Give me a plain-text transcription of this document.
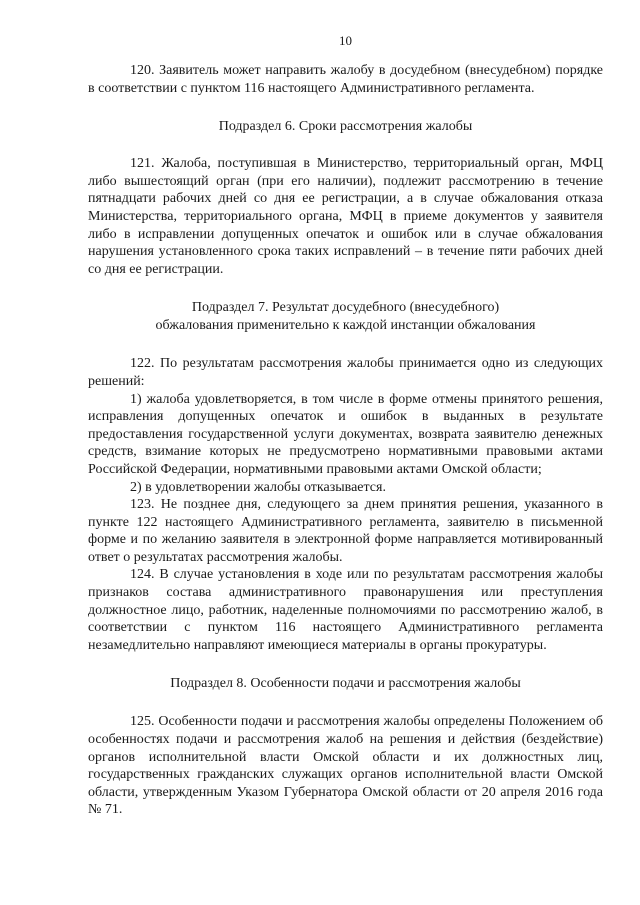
10

120. Заявитель может направить жалобу в досудебном (внесудебном) порядке в соответствии с пунктом 116 настоящего Административного регламента.

Подраздел 6. Сроки рассмотрения жалобы

121. Жалоба, поступившая в Министерство, территориальный орган, МФЦ либо вышестоящий орган (при его наличии), подлежит рассмотрению в течение пятнадцати рабочих дней со дня ее регистрации, а в случае обжалования отказа Министерства, территориального органа, МФЦ в приеме документов у заявителя либо в исправлении допущенных опечаток и ошибок или в случае обжалования нарушения установленного срока таких исправлений – в течение пяти рабочих дней со дня ее регистрации.

Подраздел 7. Результат досудебного (внесудебного)

обжалования применительно к каждой инстанции обжалования

122. По результатам рассмотрения жалобы принимается одно из следующих решений:

1) жалоба удовлетворяется, в том числе в форме отмены принятого решения, исправления допущенных опечаток и ошибок в выданных в результате предоставления государственной услуги документах, возврата заявителю денежных средств, взимание которых не предусмотрено нормативными правовыми актами Российской Федерации, нормативными правовыми актами Омской области;

2) в удовлетворении жалобы отказывается.

123. Не позднее дня, следующего за днем принятия решения, указанного в пункте 122 настоящего Административного регламента, заявителю в письменной форме и по желанию заявителя в электронной форме направляется мотивированный ответ о результатах рассмотрения жалобы.

124. В случае установления в ходе или по результатам рассмотрения жалобы признаков состава административного правонарушения или преступления должностное лицо, работник, наделенные полномочиями по рассмотрению жалоб, в соответствии с пунктом 116 настоящего Административного регламента незамедлительно направляют имеющиеся материалы в органы прокуратуры.

Подраздел 8. Особенности подачи и рассмотрения жалобы

125. Особенности подачи и рассмотрения жалобы определены Положением об особенностях подачи и рассмотрения жалоб на решения и действия (бездействие) органов исполнительной власти Омской области и их должностных лиц, государственных гражданских служащих органов исполнительной власти Омской области, утвержденным Указом Губернатора Омской области от 20 апреля 2016 года № 71.
